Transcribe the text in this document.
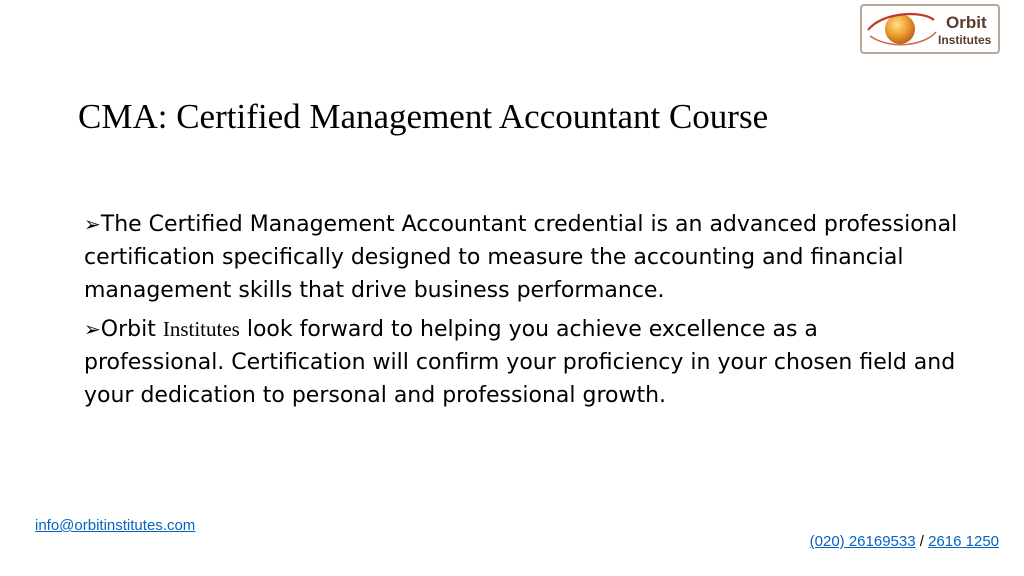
Orbit
Institutes
CMA: Certified Management Accountant Course

➢The Certified Management Accountant credential is an advanced professional certification specifically designed to measure the accounting and financial management skills that drive business performance.

➢Orbit Institutes look forward to helping you achieve excellence as a professional. Certification will confirm your proficiency in your chosen field and your dedication to personal and professional growth.

info@orbitinstitutes.com
(020) 26169533 / 2616 1250
